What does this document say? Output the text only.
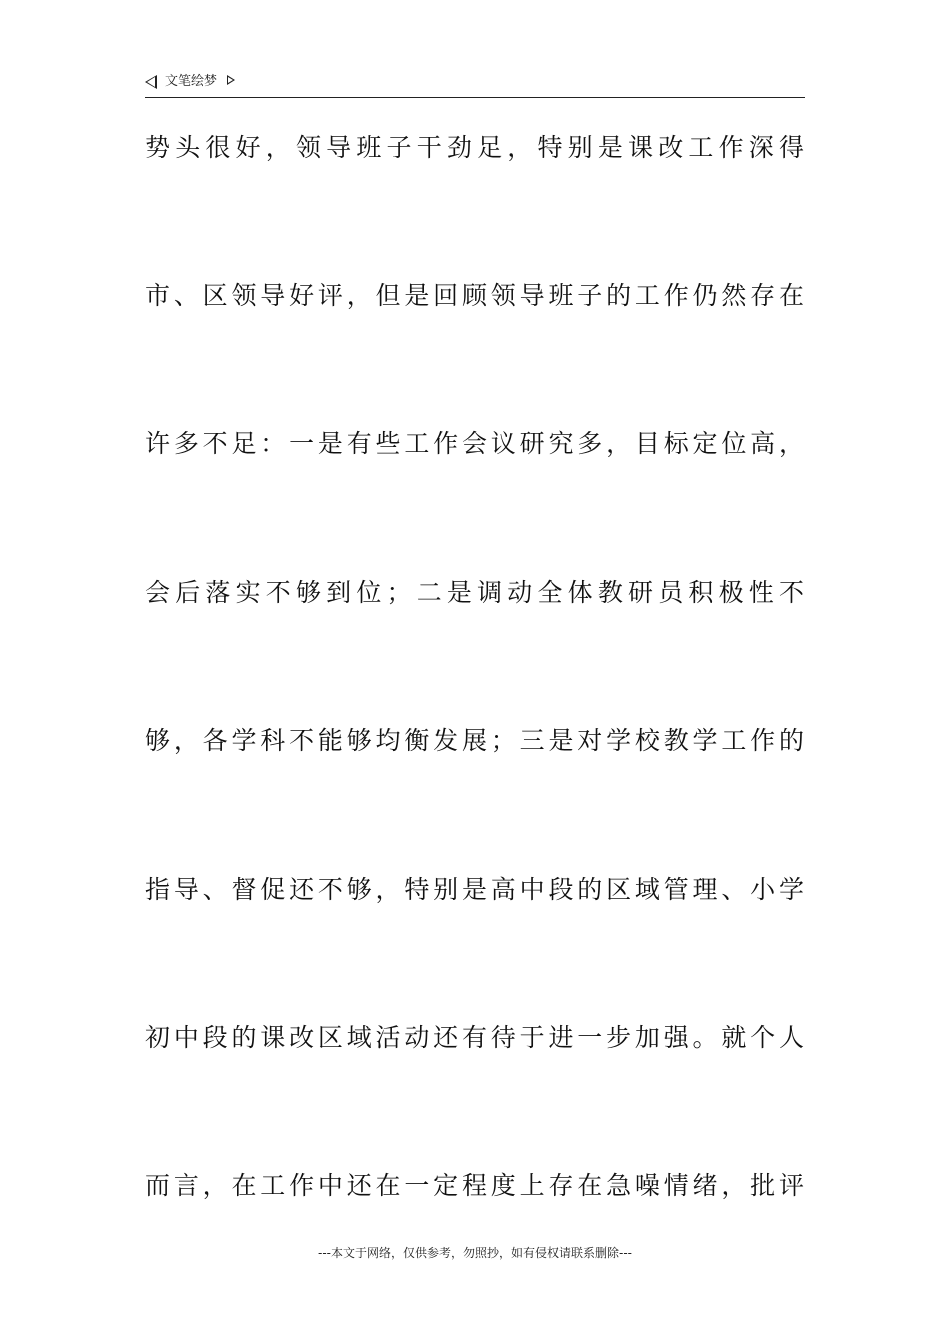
文笔绘梦
势头很好，领导班子干劲足，特别是课改工作深得
市、区领导好评，但是回顾领导班子的工作仍然存在
许多不足：一是有些工作会议研究多，目标定位高，
会后落实不够到位；二是调动全体教研员积极性不
够，各学科不能够均衡发展；三是对学校教学工作的
指导、督促还不够，特别是高中段的区域管理、小学
初中段的课改区域活动还有待于进一步加强。就个人
而言，在工作中还在一定程度上存在急噪情绪，批评
---本文于网络，仅供参考，勿照抄，如有侵权请联系删除---
